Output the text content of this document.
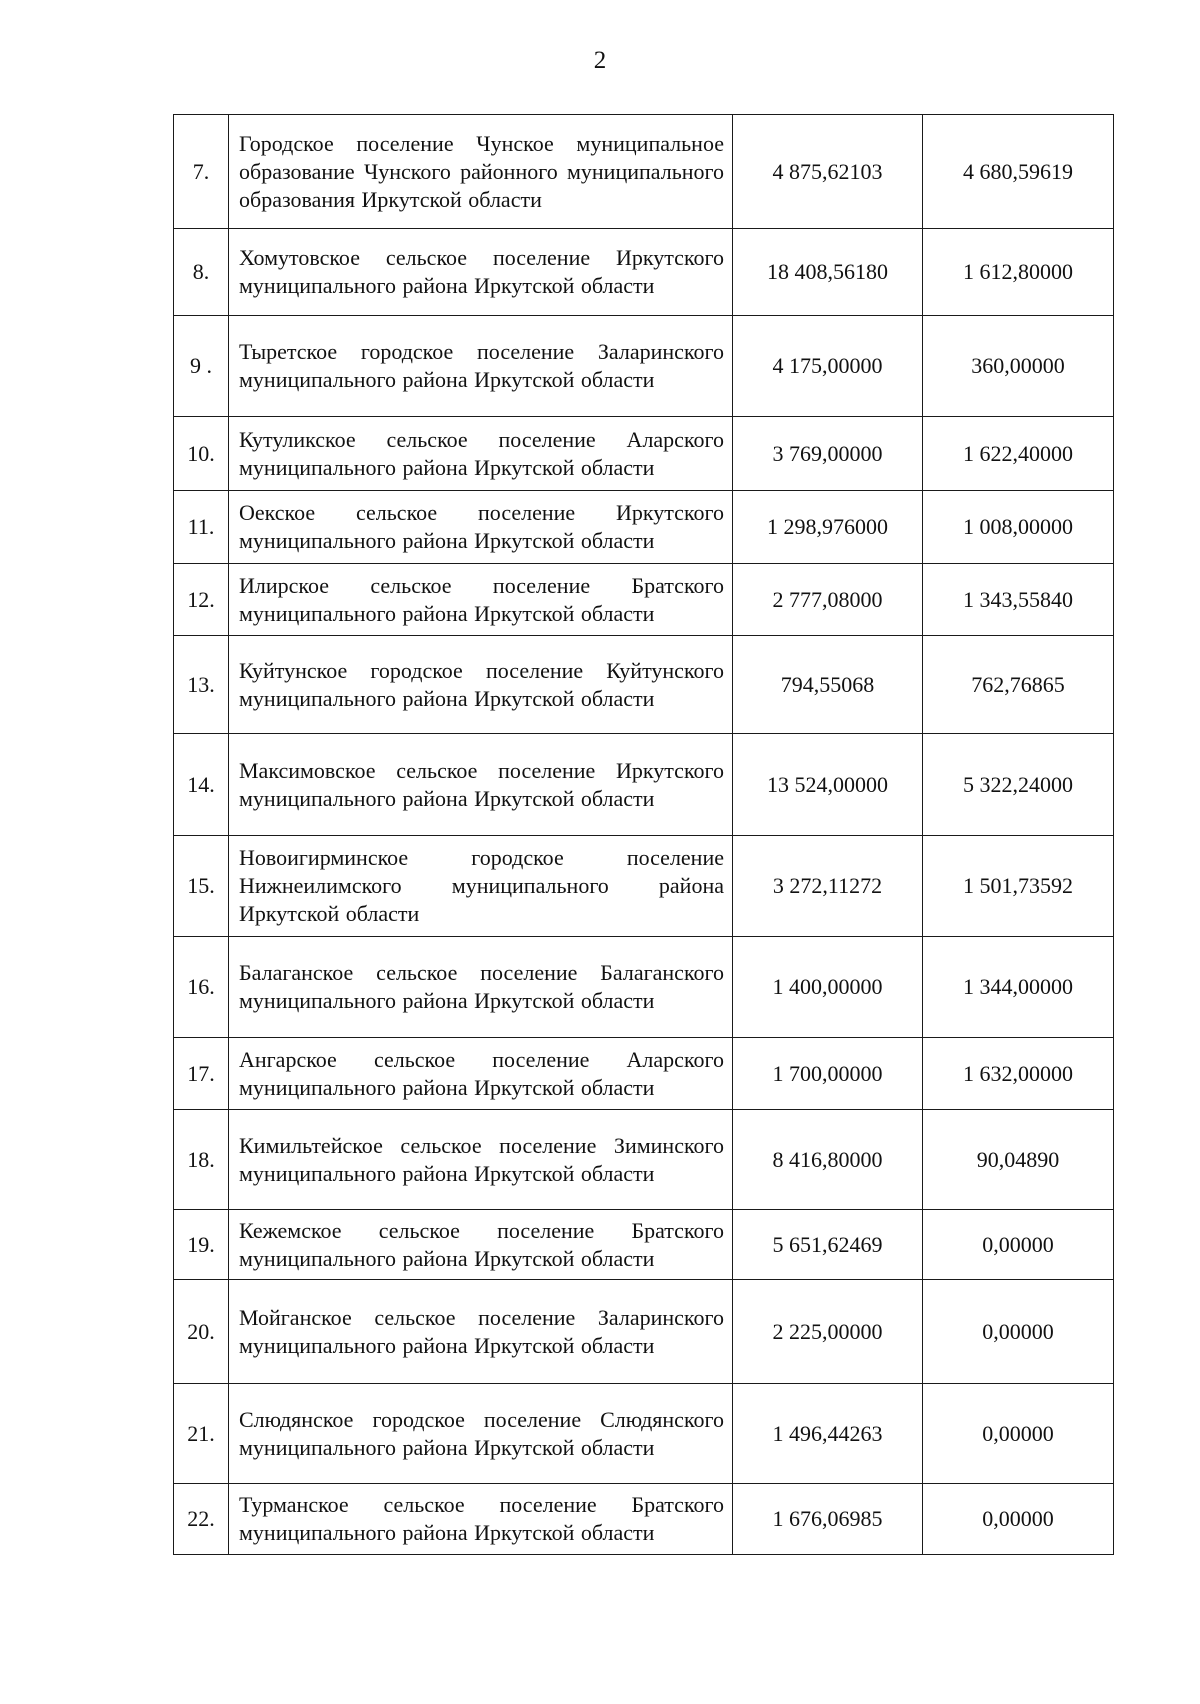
2
7.	Городское поселение Чунское муниципальное образование Чунского районного муниципального образования Иркутской области	4 875,62103	4 680,59619
8.	Хомутовское сельское поселение Иркутского муниципального района Иркутской области	18 408,56180	1 612,80000
9 .	Тыретское городское поселение Заларинского муниципального района Иркутской области	4 175,00000	360,00000
10.	Кутуликское сельское поселение Аларского муниципального района Иркутской области	3 769,00000	1 622,40000
11.	Оекское сельское поселение Иркутского муниципального района Иркутской области	1 298,976000	1 008,00000
12.	Илирское сельское поселение Братского муниципального района Иркутской области	2 777,08000	1 343,55840
13.	Куйтунское городское поселение Куйтунского муниципального района Иркутской области	794,55068	762,76865
14.	Максимовское сельское поселение Иркутского муниципального района Иркутской области	13 524,00000	5 322,24000
15.	Новоигирминское городское поселение Нижнеилимского муниципального района Иркутской области	3 272,11272	1 501,73592
16.	Балаганское сельское поселение Балаганского муниципального района Иркутской области	1 400,00000	1 344,00000
17.	Ангарское сельское поселение Аларского муниципального района Иркутской области	1 700,00000	1 632,00000
18.	Кимильтейское сельское поселение Зиминского муниципального района Иркутской области	8 416,80000	90,04890
19.	Кежемское сельское поселение Братского муниципального района Иркутской области	5 651,62469	0,00000
20.	Мойганское сельское поселение Заларинского муниципального района Иркутской области	2 225,00000	0,00000
21.	Слюдянское городское поселение Слюдянского муниципального района Иркутской области	1 496,44263	0,00000
22.	Турманское сельское поселение Братского муниципального района Иркутской области	1 676,06985	0,00000
